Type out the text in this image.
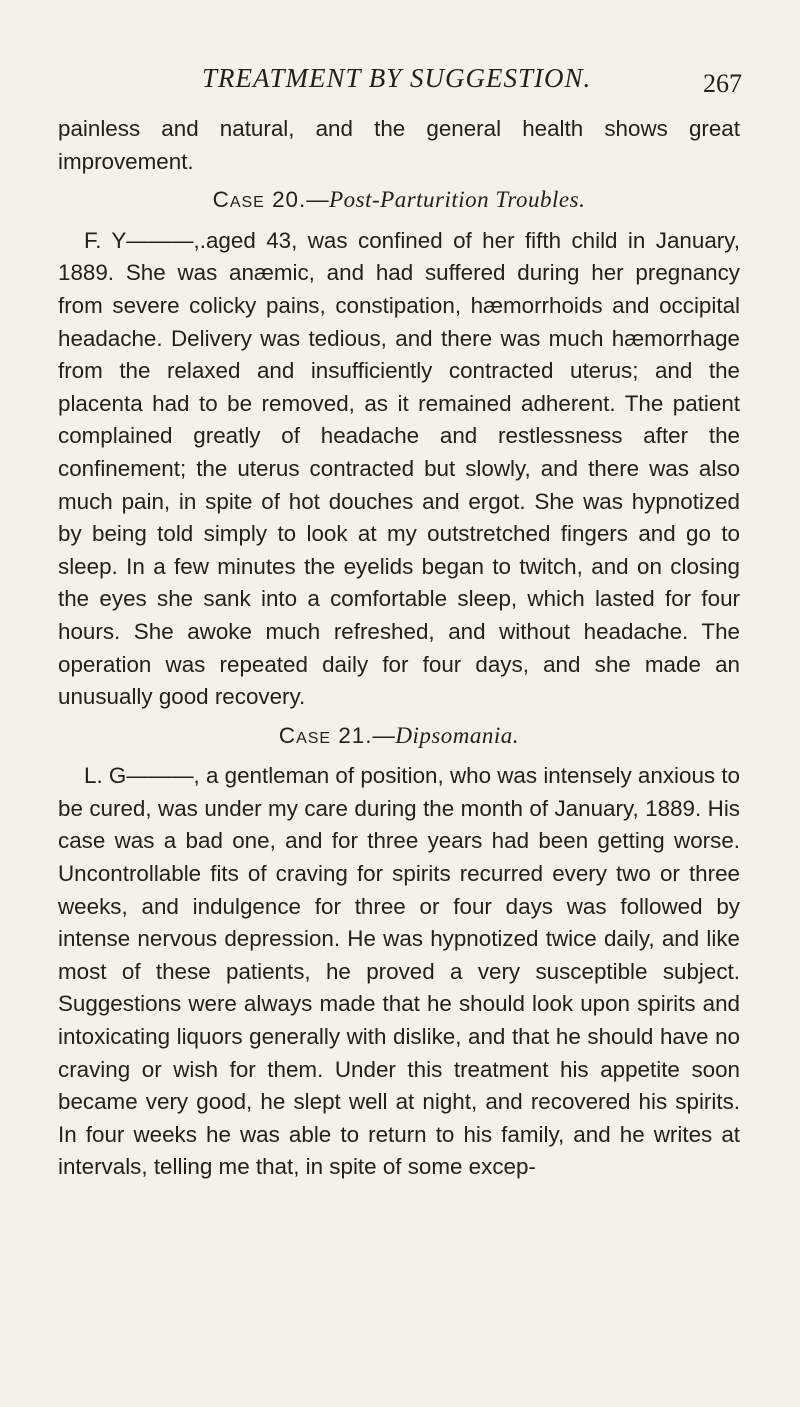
TREATMENT BY SUGGESTION.	267

painless and natural, and the general health shows great improvement.

Case 20.—Post-Parturition Troubles.

F. Y———,.aged 43, was confined of her fifth child in January, 1889. She was anæmic, and had suffered during her pregnancy from severe colicky pains, constipation, hæmorrhoids and occipital headache. Delivery was tedious, and there was much hæmorrhage from the relaxed and insufficiently contracted uterus; and the placenta had to be removed, as it remained adherent. The patient complained greatly of headache and restlessness after the confinement; the uterus contracted but slowly, and there was also much pain, in spite of hot douches and ergot. She was hypnotized by being told simply to look at my outstretched fingers and go to sleep. In a few minutes the eyelids began to twitch, and on closing the eyes she sank into a comfortable sleep, which lasted for four hours. She awoke much refreshed, and without headache. The operation was repeated daily for four days, and she made an unusually good recovery.

Case 21.—Dipsomania.

L. G———, a gentleman of position, who was intensely anxious to be cured, was under my care during the month of January, 1889. His case was a bad one, and for three years had been getting worse. Uncontrollable fits of craving for spirits recurred every two or three weeks, and indulgence for three or four days was followed by intense nervous depression. He was hypnotized twice daily, and like most of these patients, he proved a very susceptible subject. Suggestions were always made that he should look upon spirits and intoxicating liquors generally with dislike, and that he should have no craving or wish for them. Under this treatment his appetite soon became very good, he slept well at night, and recovered his spirits. In four weeks he was able to return to his family, and he writes at intervals, telling me that, in spite of some excep-
